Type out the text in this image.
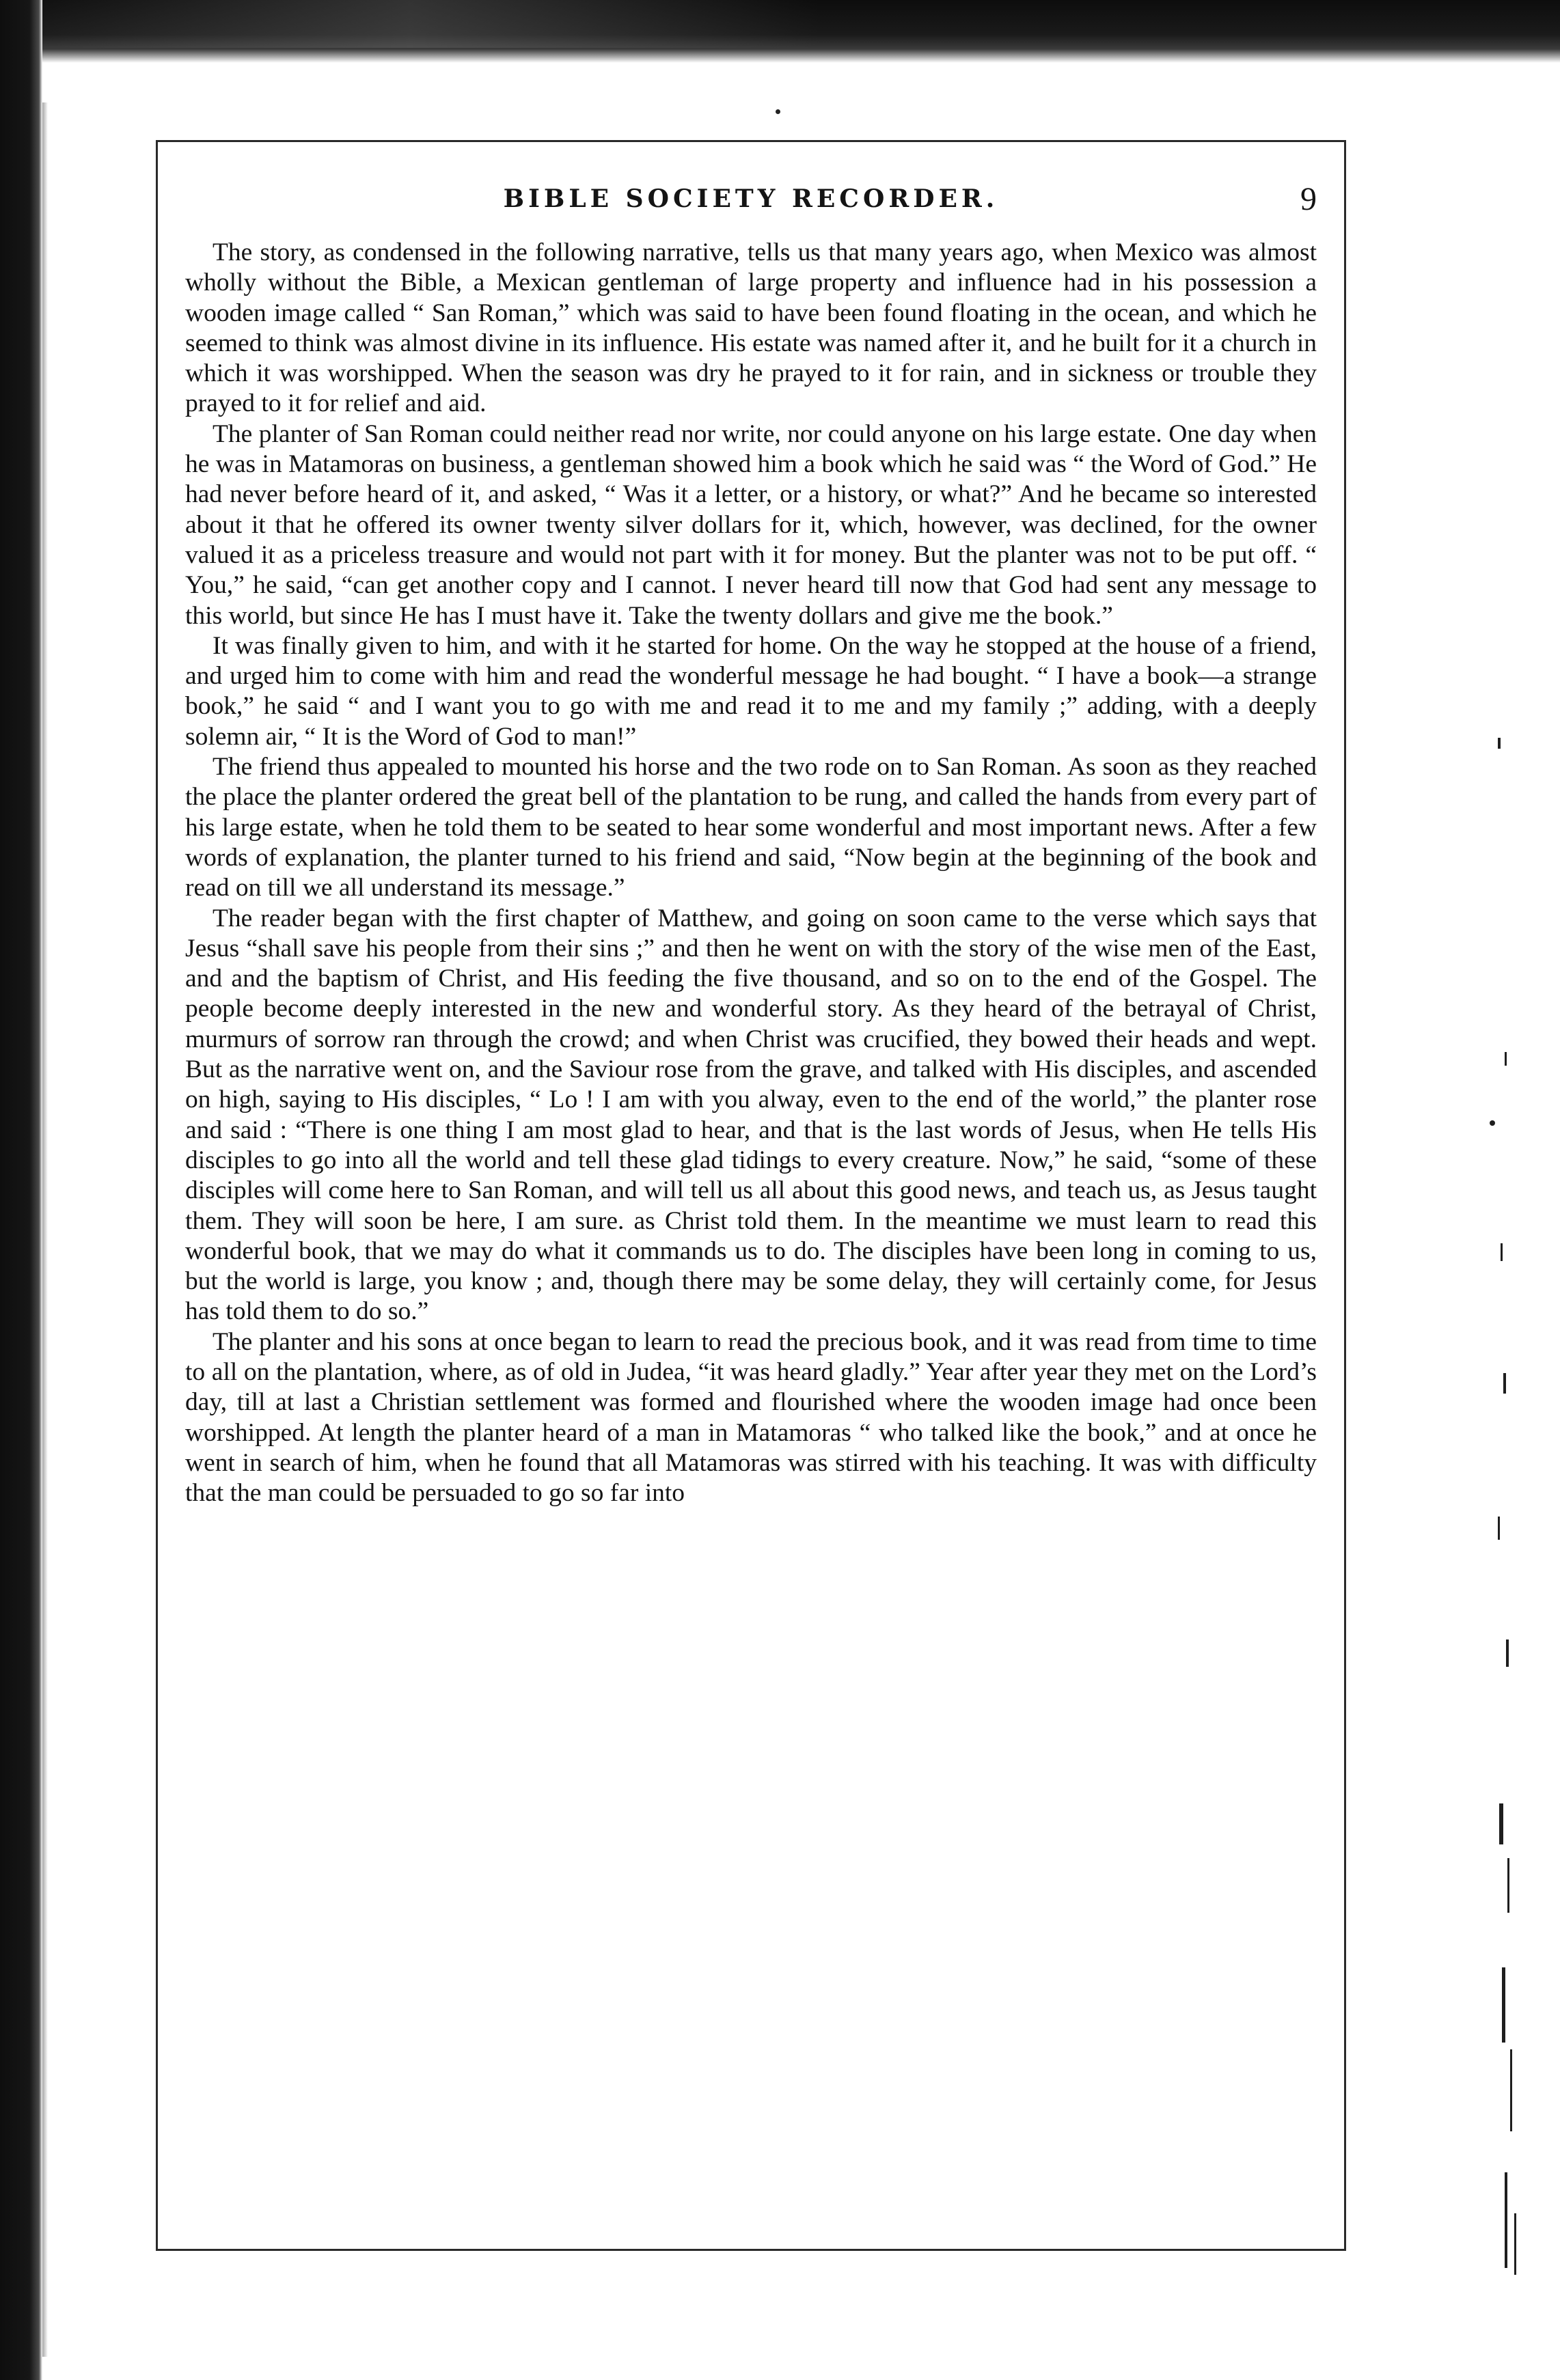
BIBLE SOCIETY RECORDER.	9

The story, as condensed in the following narrative, tells us that many years ago, when Mexico was almost wholly without the Bible, a Mexican gentleman of large property and influence had in his possession a wooden image called “ San Roman,” which was said to have been found floating in the ocean, and which he seemed to think was almost divine in its influence. His estate was named after it, and he built for it a church in which it was worshipped. When the season was dry he prayed to it for rain, and in sickness or trouble they prayed to it for relief and aid.

The planter of San Roman could neither read nor write, nor could anyone on his large estate. One day when he was in Matamoras on business, a gentleman showed him a book which he said was “ the Word of God.” He had never before heard of it, and asked, “ Was it a letter, or a history, or what?” And he became so interested about it that he offered its owner twenty silver dollars for it, which, however, was declined, for the owner valued it as a priceless treasure and would not part with it for money. But the planter was not to be put off. “ You,” he said, “can get another copy and I cannot. I never heard till now that God had sent any message to this world, but since He has I must have it. Take the twenty dollars and give me the book.”

It was finally given to him, and with it he started for home. On the way he stopped at the house of a friend, and urged him to come with him and read the wonderful message he had bought. “ I have a book—a strange book,” he said “ and I want you to go with me and read it to me and my family ;” adding, with a deeply solemn air, “ It is the Word of God to man!”

The friend thus appealed to mounted his horse and the two rode on to San Roman. As soon as they reached the place the planter ordered the great bell of the plantation to be rung, and called the hands from every part of his large estate, when he told them to be seated to hear some wonderful and most important news. After a few words of explanation, the planter turned to his friend and said, “Now begin at the beginning of the book and read on till we all understand its message.”

The reader began with the first chapter of Matthew, and going on soon came to the verse which says that Jesus “shall save his people from their sins ;” and then he went on with the story of the wise men of the East, and and the baptism of Christ, and His feeding the five thousand, and so on to the end of the Gospel. The people become deeply interested in the new and wonderful story. As they heard of the betrayal of Christ, murmurs of sorrow ran through the crowd; and when Christ was crucified, they bowed their heads and wept. But as the narrative went on, and the Saviour rose from the grave, and talked with His disciples, and ascended on high, saying to His disciples, “ Lo ! I am with you alway, even to the end of the world,” the planter rose and said : “There is one thing I am most glad to hear, and that is the last words of Jesus, when He tells His disciples to go into all the world and tell these glad tidings to every creature. Now,” he said, “some of these disciples will come here to San Roman, and will tell us all about this good news, and teach us, as Jesus taught them. They will soon be here, I am sure. as Christ told them. In the meantime we must learn to read this wonderful book, that we may do what it commands us to do. The disciples have been long in coming to us, but the world is large, you know ; and, though there may be some delay, they will certainly come, for Jesus has told them to do so.”

The planter and his sons at once began to learn to read the precious book, and it was read from time to time to all on the plantation, where, as of old in Judea, “it was heard gladly.” Year after year they met on the Lord’s day, till at last a Christian settlement was formed and flourished where the wooden image had once been worshipped. At length the planter heard of a man in Matamoras “ who talked like the book,” and at once he went in search of him, when he found that all Matamoras was stirred with his teaching. It was with difficulty that the man could be persuaded to go so far into
